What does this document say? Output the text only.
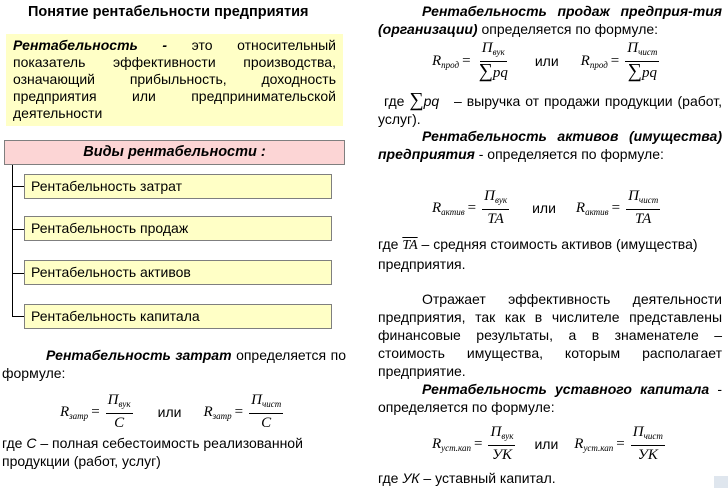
Понятие рентабельности предприятия
Рентабельность - это относительный показатель эффективности производства, означающий прибыльность, доходность предприятия или предпринимательской деятельности
Виды рентабельности :
Рентабельность затрат
Рентабельность продаж
Рентабельность активов
Рентабельность капитала
Рентабельность затрат определяется по формуле:
$R_{затр} = \frac{П_{вук}}{C}$ или $R_{затр} = \frac{П_{чист}}{C}$
где С – полная себестоимость реализованной продукции (работ, услуг)
Рентабельность продаж предприя-тия (организации) определяется по формуле:
$R_{прод} = \frac{П_{вук}}{\sum pq}$ или $R_{прод} = \frac{П_{чист}}{\sum pq}$
где ∑pq – выручка от продажи продукции (работ, услуг).
Рентабельность активов (имущества) предприятия - определяется по формуле:
$R_{актив} = \frac{П_{вук}}{TA}$ или $R_{актив} = \frac{П_{чист}}{TA}$
где $\overline{TA}$ – средняя стоимость активов (имущества) предприятия.
Отражает эффективность деятельности предприятия, так как в числителе представлены финансовые результаты, а в знаменателе – стоимость имущества, которым располагает предприятие.
Рентабельность уставного капитала - определяется по формуле:
$R_{уст.кап} = \frac{П_{вук}}{УК}$ или $R_{уст.кап} = \frac{П_{чист}}{УК}$
где УК – уставный капитал.
